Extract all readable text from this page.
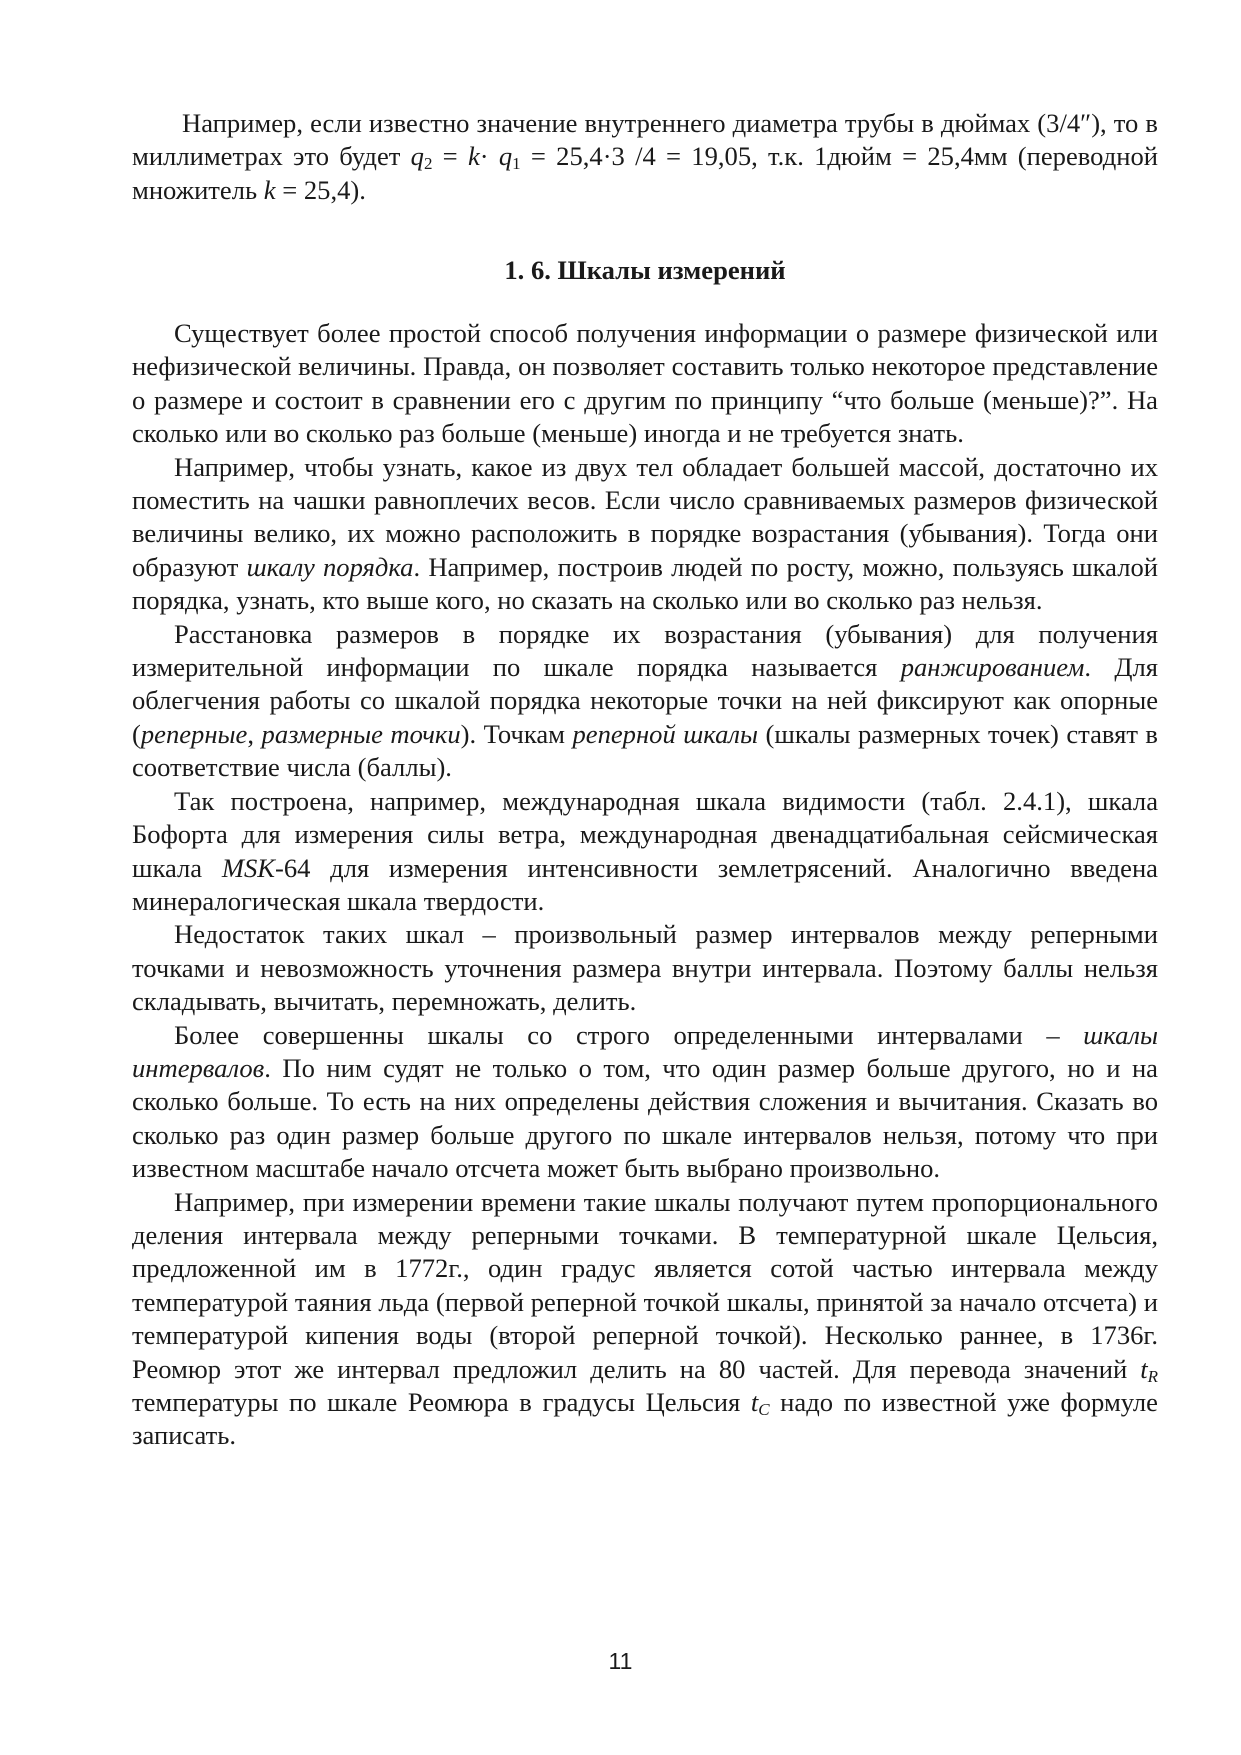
Например, если известно значение внутреннего диаметра трубы в дюймах (3/4″), то в миллиметрах это будет $q_2 = k\cdot q_1 = 25,4\cdot 3$ /4 = 19,05, т.к. 1дюйм = 25,4мм (переводной множитель k = 25,4).

1. 6. Шкалы измерений

Существует более простой способ получения информации о размере физической или нефизической величины. Правда, он позволяет составить только некоторое представление о размере и состоит в сравнении его с другим по принципу “что больше (меньше)?”. На сколько или во сколько раз больше (меньше) иногда и не требуется знать.

Например, чтобы узнать, какое из двух тел обладает большей массой, достаточно их поместить на чашки равноплечих весов. Если число сравниваемых размеров физической величины велико, их можно расположить в порядке возрастания (убывания). Тогда они образуют шкалу порядка. Например, построив людей по росту, можно, пользуясь шкалой порядка, узнать, кто выше кого, но сказать на сколько или во сколько раз нельзя.

Расстановка размеров в порядке их возрастания (убывания) для получения измерительной информации по шкале порядка называется ранжированием. Для облегчения работы со шкалой порядка некоторые точки на ней фиксируют как опорные (реперные, размерные точки). Точкам реперной шкалы (шкалы размерных точек) ставят в соответствие числа (баллы).

Так построена, например, международная шкала видимости (табл. 2.4.1), шкала Бофорта для измерения силы ветра, международная двенадцатибальная сейсмическая шкала MSK-64 для измерения интенсивности землетрясений. Аналогично введена минералогическая шкала твердости.

Недостаток таких шкал – произвольный размер интервалов между реперными точками и невозможность уточнения размера внутри интервала. Поэтому баллы нельзя складывать, вычитать, перемножать, делить.

Более совершенны шкалы со строго определенными интервалами – шкалы интервалов. По ним судят не только о том, что один размер больше другого, но и на сколько больше. То есть на них определены действия сложения и вычитания. Сказать во сколько раз один размер больше другого по шкале интервалов нельзя, потому что при известном масштабе начало отсчета может быть выбрано произвольно.

Например, при измерении времени такие шкалы получают путем пропорционального деления интервала между реперными точками. В температурной шкале Цельсия, предложенной им в 1772г., один градус является сотой частью интервала между температурой таяния льда (первой реперной точкой шкалы, принятой за начало отсчета) и температурой кипения воды (второй реперной точкой). Несколько раннее, в 1736г. Реомюр этот же интервал предложил делить на 80 частей. Для перевода значений $t_R$ температуры по шкале Реомюра в градусы Цельсия $t_C$ надо по известной уже формуле записать.

11
